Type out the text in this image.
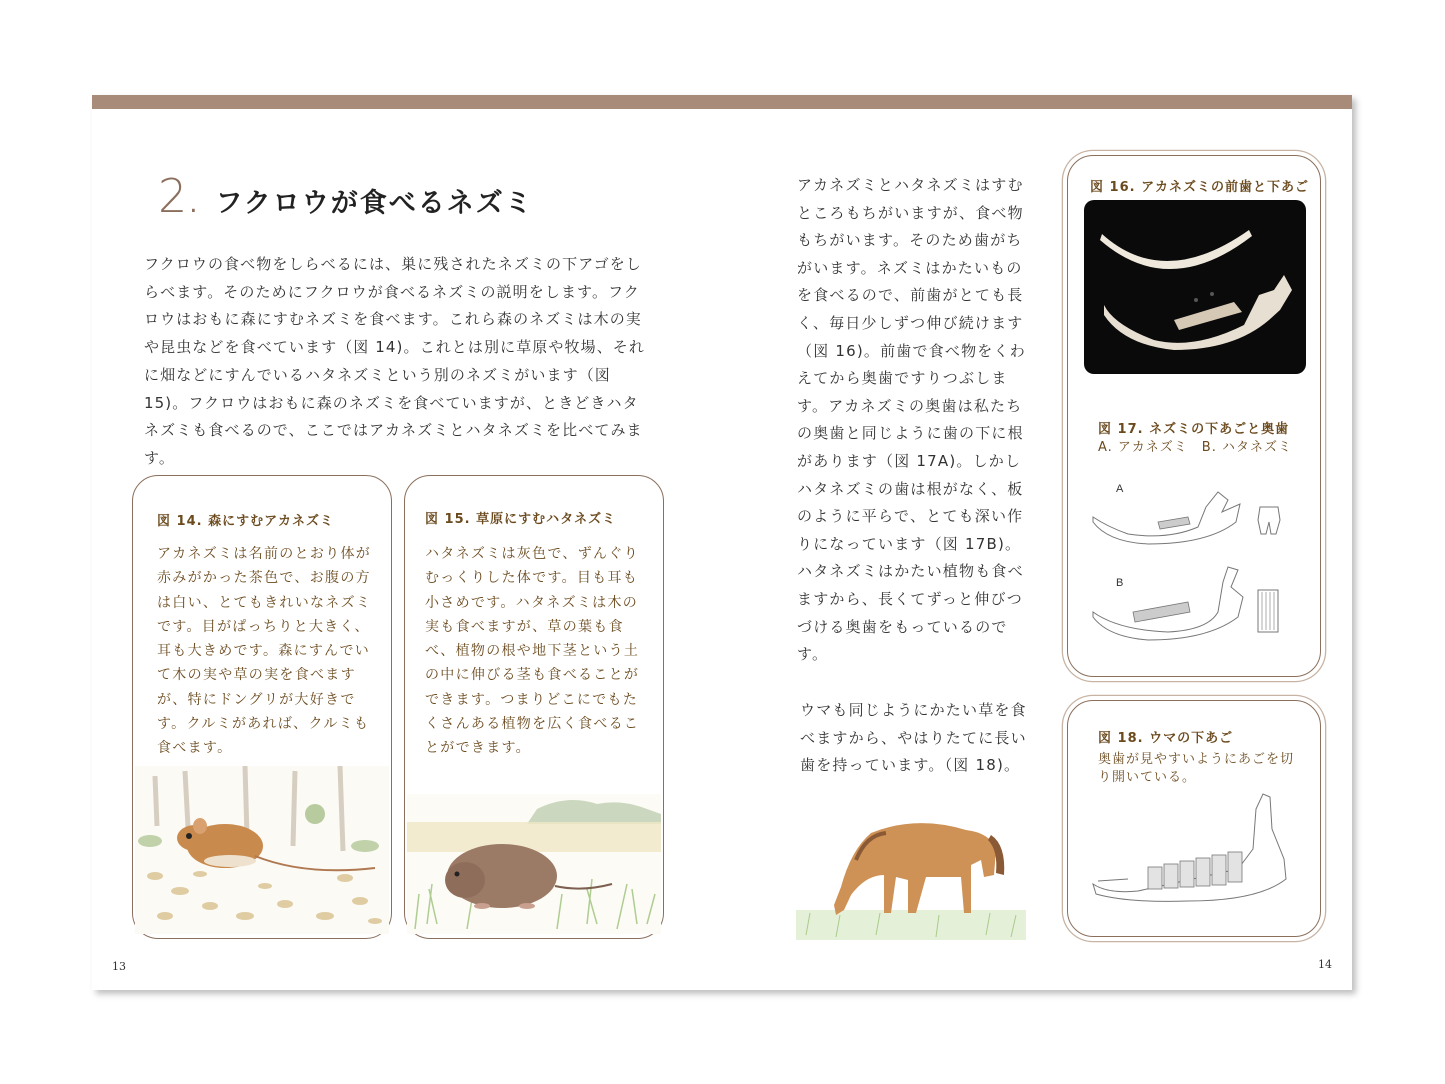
2 . フクロウが食べるネズミ
フクロウの食べ物をしらべるには、巣に残されたネズミの下アゴをしらべます。そのためにフクロウが食べるネズミの説明をします。フクロウはおもに森にすむネズミを食べます。これら森のネズミは木の実や昆虫などを食べています（図 14)。これとは別に草原や牧場、それに畑などにすんでいるハタネズミという別のネズミがいます（図 15)。フクロウはおもに森のネズミを食べていますが、ときどきハタネズミも食べるので、ここではアカネズミとハタネズミを比べてみます。
図 14. 森にすむアカネズミ
アカネズミは名前のとおり体が赤みがかった茶色で、お腹の方は白い、とてもきれいなネズミです。目がぱっちりと大きく、耳も大きめです。森にすんでいて木の実や草の実を食べますが、特にドングリが大好きです。クルミがあれば、クルミも食べます。
図 15. 草原にすむハタネズミ
ハタネズミは灰色で、ずんぐりむっくりした体です。目も耳も小さめです。ハタネズミは木の実も食べますが、草の葉も食べ、植物の根や地下茎という土の中に伸びる茎も食べることができます。つまりどこにでもたくさんある植物を広く食べることができます。
アカネズミとハタネズミはすむところもちがいますが、食べ物もちがいます。そのため歯がちがいます。ネズミはかたいものを食べるので、前歯がとても長く、毎日少しずつ伸び続けます（図 16)。前歯で食べ物をくわえてから奥歯ですりつぶします。アカネズミの奥歯は私たちの奥歯と同じように歯の下に根があります（図 17A)。しかしハタネズミの歯は根がなく、板のように平らで、とても深い作りになっています（図 17B)。ハタネズミはかたい植物も食べますから、長くてずっと伸びつづける奥歯をもっているのです。
図 16. アカネズミの前歯と下あご
図 17. ネズミの下あごと奥歯
A. アカネズミ　B. ハタネズミ
A
B
ウマも同じようにかたい草を食べますから、やはりたてに長い歯を持っています。（図 18)。
図 18. ウマの下あご
奥歯が見やすいようにあごを切り開いている。
13	14
